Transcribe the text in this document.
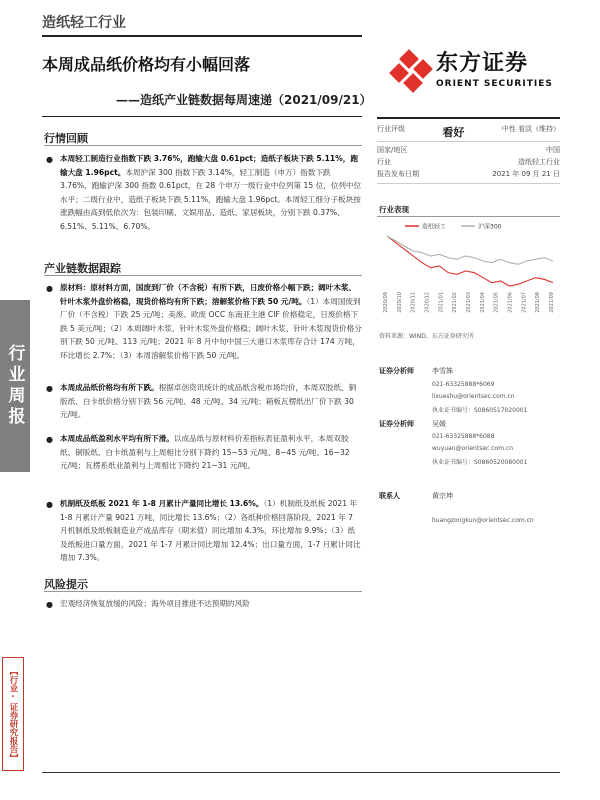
造纸轻工行业
东方证券
ORIENT SECURITIES
本周成品纸价格均有小幅回落
——造纸产业链数据每周速递（2021/09/21）
行情回顾
● 本周轻工制造行业指数下跌 3.76%，跑输大盘 0.61pct；造纸子板块下跌 5.11%，跑输大盘 1.96pct。本周沪深 300 指数下跌 3.14%，轻工制造（申万）指数下跌 3.76%，跑输沪深 300 指数 0.61pct，在 28 个申万一级行业中位列第 15 位，位列中位水平；二级行业中，造纸子板块下跌 5.11%，跑输大盘 1.96pct。本周轻工细分子板块按涨跌幅由高到低依次为：包装印刷、文娱用品、造纸、家居板块，分别下跌 0.37%、6.51%、5.11%、6.70%。
产业链数据跟踪
● 原材料：原材料方面，国废到厂价（不含税）有所下跌，日废价格小幅下跌；阔叶木浆、针叶木浆外盘价格稳，现货价格均有所下跌；溶解浆价格下跌 50 元/吨。（1）本周国废到厂价（不含税）下跌 25 元/吨；美废、欧废 OCC 东南亚主港 CIF 价格稳定，日废价格下跌 5 美元/吨；（2）本周阔叶木浆、针叶木浆外盘价格稳；阔叶木浆、针叶木浆现货价格分别下跌 50 元/吨、113 元/吨；2021 年 8 月中旬中国三大港口木浆库存合计 174 万吨，环比增长 2.7%；（3）本周溶解浆价格下跌 50 元/吨。
● 本周成品纸价格均有所下跌。根据卓创资讯统计的成品纸含税市场均价，本周双胶纸、铜版纸、白卡纸价格分别下跌 56 元/吨、48 元/吨、34 元/吨；箱板瓦楞纸出厂价下跌 30 元/吨。
● 本周成品纸盈利水平均有所下滑。以成品纸与原材料价差指标表征盈利水平，本周双胶纸、铜版纸、白卡纸盈利与上周相比分别下降约 15~53 元/吨、8~45 元/吨、16~32 元/吨；瓦楞系纸业盈利与上周相比下降约 21~31 元/吨。
● 机制纸及纸板 2021 年 1-8 月累计产量同比增长 13.6%。（1）机制纸及纸板 2021 年 1-8 月累计产量 9021 万吨，同比增长 13.6%；（2）各纸种价格回落阶段，2021 年 7 月机制纸及纸板制造业产成品库存（期末值）同比增加 4.3%，环比增加 9.9%；（3）纸及纸板进口量方面，2021 年 1-7 月累计同比增加 12.4%；出口量方面，1-7 月累计同比增加 7.3%。
风险提示
● 宏观经济恢复放缓的风险；海外项目推进不达预期的风险
行业评级	看好	中性 看淡（维持）
国家/地区	中国
行业	造纸轻工行业
报告发布日期	2021 年 09 月 21 日
行业表现
造纸轻工	沪深300
2020/09 2020/10 2020/11 2020/12 2021/01 2021/02 2021/03 2021/04 2021/05 2021/06 2021/07 2021/08 2021/09
资料来源：WIND、东方证券研究所
证券分析师	李雪姝
021-63325888*6069
lixueshu@orientsec.com.cn
执业证书编号：S0860517020001
证券分析师	吴媛
021-63325888*6088
wuyuan@orientsec.com.cn
执业证书编号：S0860520080001
联系人	黄宗坤
huangzongkun@orientsec.com.cn
行业周报
【行业·证券研究报告】
